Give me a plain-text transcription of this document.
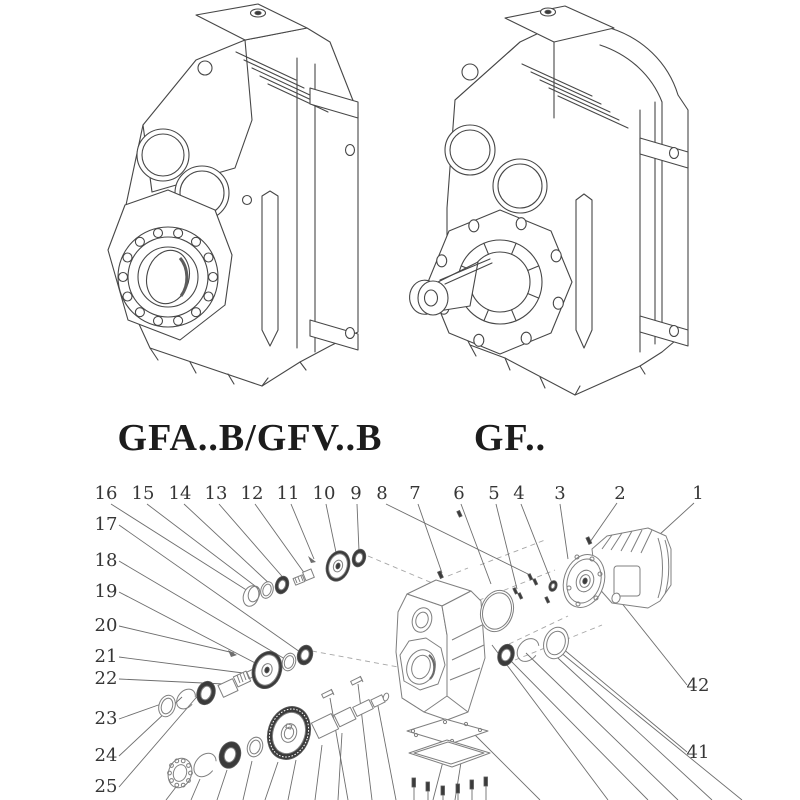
GFA..B/GFV..B GF..
1
2
3
4
5
6
7
8
9
10
11
12
13
14
15
16
17
18
19
20
21
22
23
24
25
41
42
